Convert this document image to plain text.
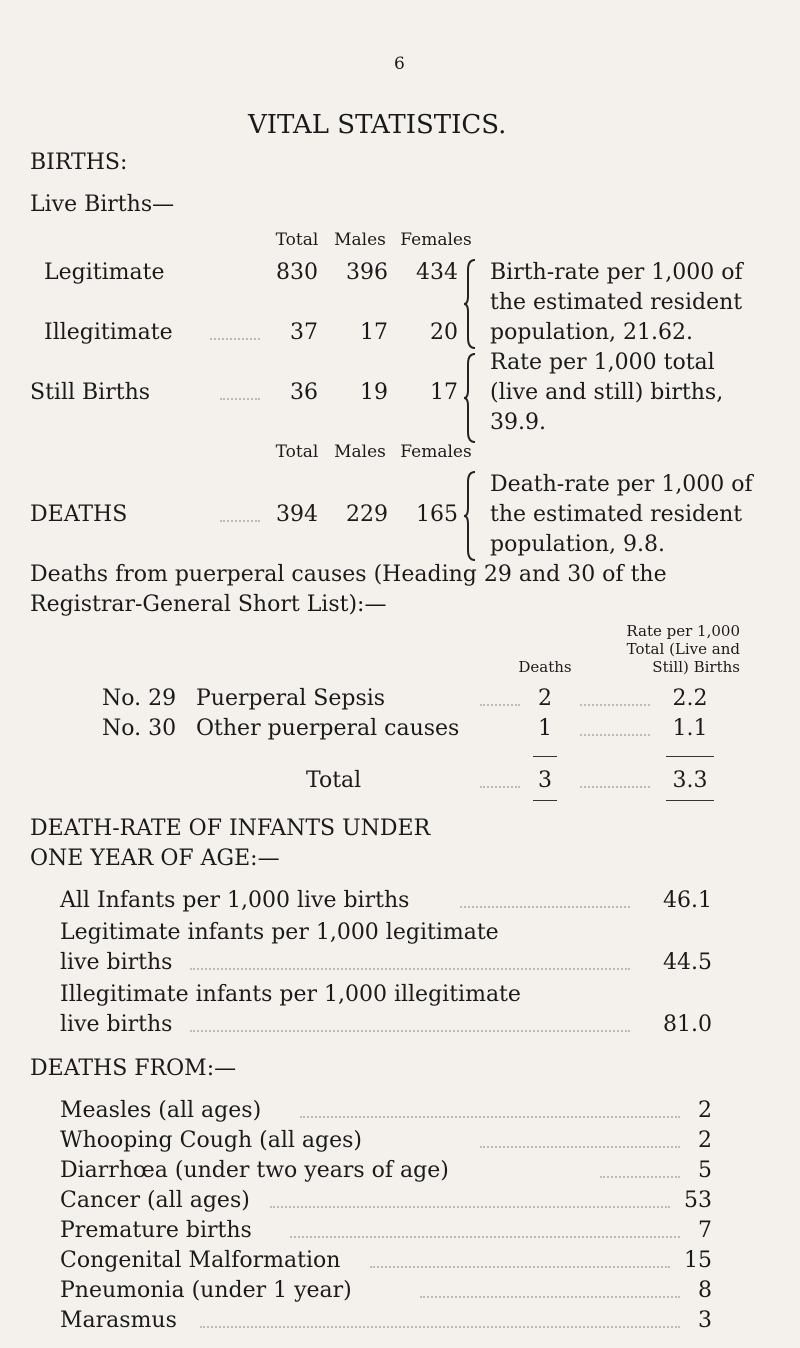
6
VITAL STATISTICS.
BIRTHS:
Live Births—
Total Males Females
Legitimate	830	396	434
Illegitimate	37	17	20
Birth-rate per 1,000 of
the estimated resident
population, 21.62.
Still Births	36	19	17
Rate per 1,000 total
(live and still) births,
39.9.
Total Males Females
DEATHS	394	229	165
Death-rate per 1,000 of
the estimated resident
population, 9.8.
Deaths from puerperal causes (Heading 29 and 30 of the
Registrar-General Short List):—
Rate per 1,000
Total (Live and
Still) Births
Deaths
No. 29 Puerperal Sepsis	2	2.2
No. 30 Other puerperal causes	1	1.1
Total	3	3.3
DEATH-RATE OF INFANTS UNDER
ONE YEAR OF AGE:—
All Infants per 1,000 live births	46.1
Legitimate infants per 1,000 legitimate
live births	44.5
Illegitimate infants per 1,000 illegitimate
live births	81.0
DEATHS FROM:—
Measles (all ages)	2
Whooping Cough (all ages)	2
Diarrhœa (under two years of age)	5
Cancer (all ages)	53
Premature births	7
Congenital Malformation	15
Pneumonia (under 1 year)	8
Marasmus	3
